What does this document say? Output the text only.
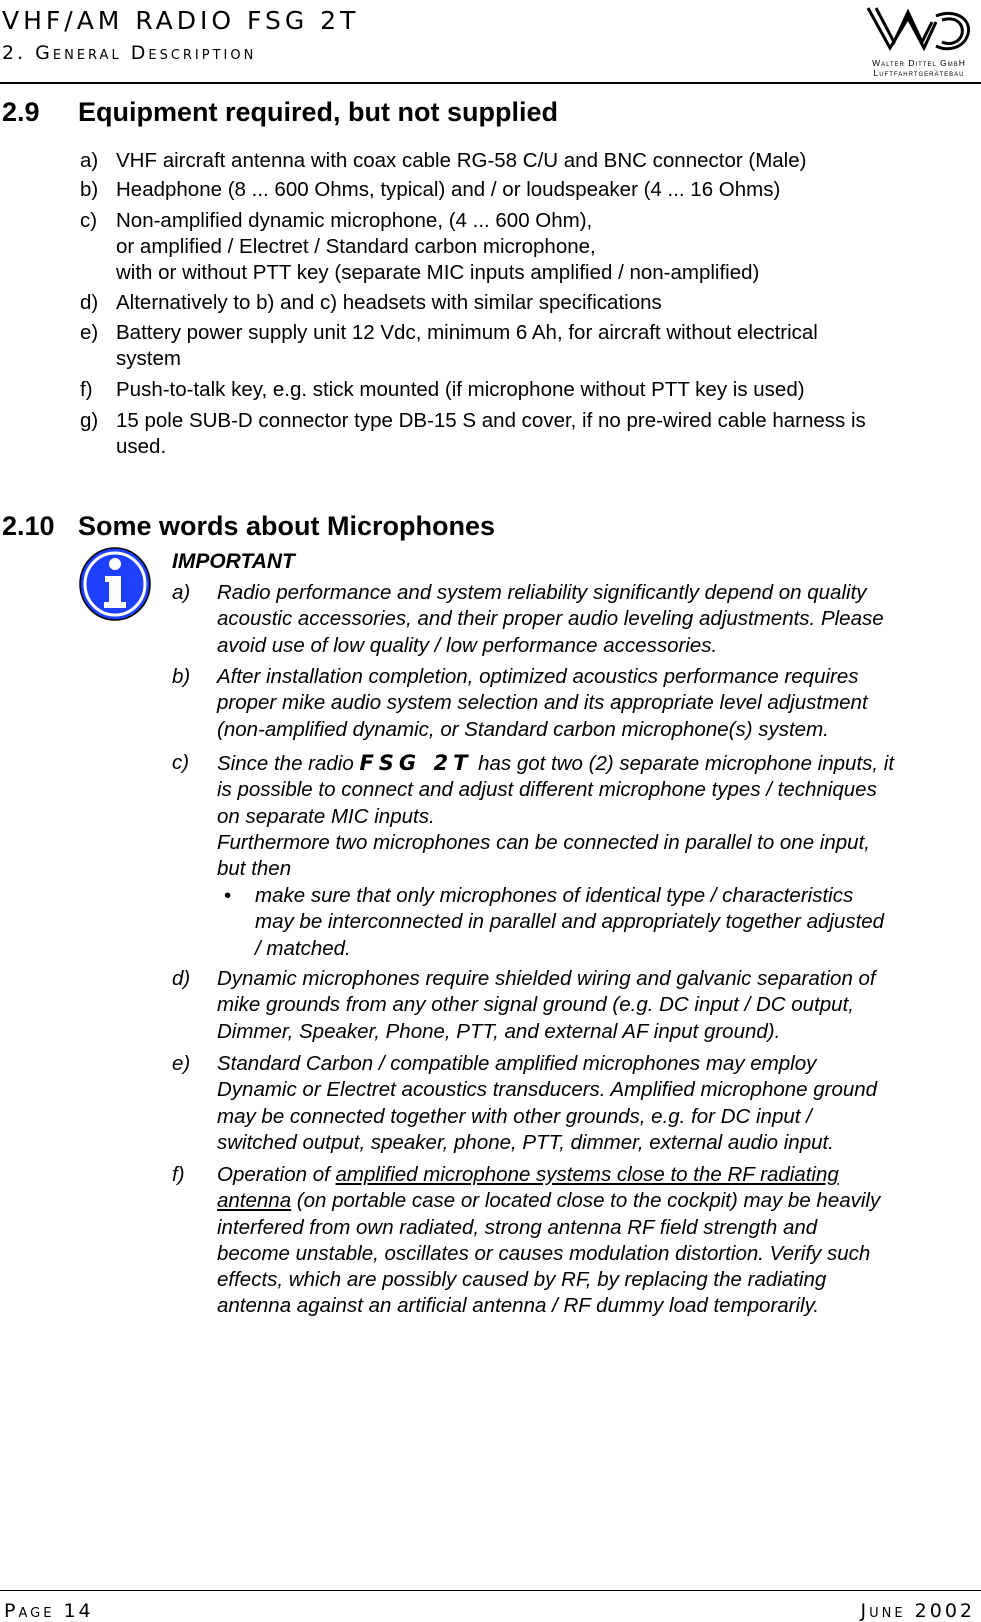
VHF/AM RADIO FSG 2T
2. General Description	Walter Dittel GmbH
Luftfahrtgerätebau
2.9 Equipment required, but not supplied
a) VHF aircraft antenna with coax cable RG-58 C/U and BNC connector (Male)
b) Headphone (8 ... 600 Ohms, typical) and / or loudspeaker (4 ... 16 Ohms)
c) Non-amplified dynamic microphone, (4 ... 600 Ohm),
or amplified / Electret / Standard carbon microphone,
with or without PTT key (separate MIC inputs amplified / non-amplified)
d) Alternatively to b) and c) headsets with similar specifications
e) Battery power supply unit 12 Vdc, minimum 6 Ah, for aircraft without electrical
system
f) Push-to-talk key, e.g. stick mounted (if microphone without PTT key is used)
g) 15 pole SUB-D connector type DB-15 S and cover, if no pre-wired cable harness is
used.
2.10 Some words about Microphones
IMPORTANT
a) Radio performance and system reliability significantly depend on quality
acoustic accessories, and their proper audio leveling adjustments. Please
avoid use of low quality / low performance accessories.
b) After installation completion, optimized acoustics performance requires
proper mike audio system selection and its appropriate level adjustment
(non-amplified dynamic, or Standard carbon microphone(s) system.
c) Since the radio FSG 2T has got two (2) separate microphone inputs, it
is possible to connect and adjust different microphone types / techniques
on separate MIC inputs.
Furthermore two microphones can be connected in parallel to one input,
but then
• make sure that only microphones of identical type / characteristics
may be interconnected in parallel and appropriately together adjusted
/ matched.
d) Dynamic microphones require shielded wiring and galvanic separation of
mike grounds from any other signal ground (e.g. DC input / DC output,
Dimmer, Speaker, Phone, PTT, and external AF input ground).
e) Standard Carbon / compatible amplified microphones may employ
Dynamic or Electret acoustics transducers. Amplified microphone ground
may be connected together with other grounds, e.g. for DC input /
switched output, speaker, phone, PTT, dimmer, external audio input.
f) Operation of amplified microphone systems close to the RF radiating
antenna (on portable case or located close to the cockpit) may be heavily
interfered from own radiated, strong antenna RF field strength and
become unstable, oscillates or causes modulation distortion. Verify such
effects, which are possibly caused by RF, by replacing the radiating
antenna against an artificial antenna / RF dummy load temporarily.
Page 14	June 2002
